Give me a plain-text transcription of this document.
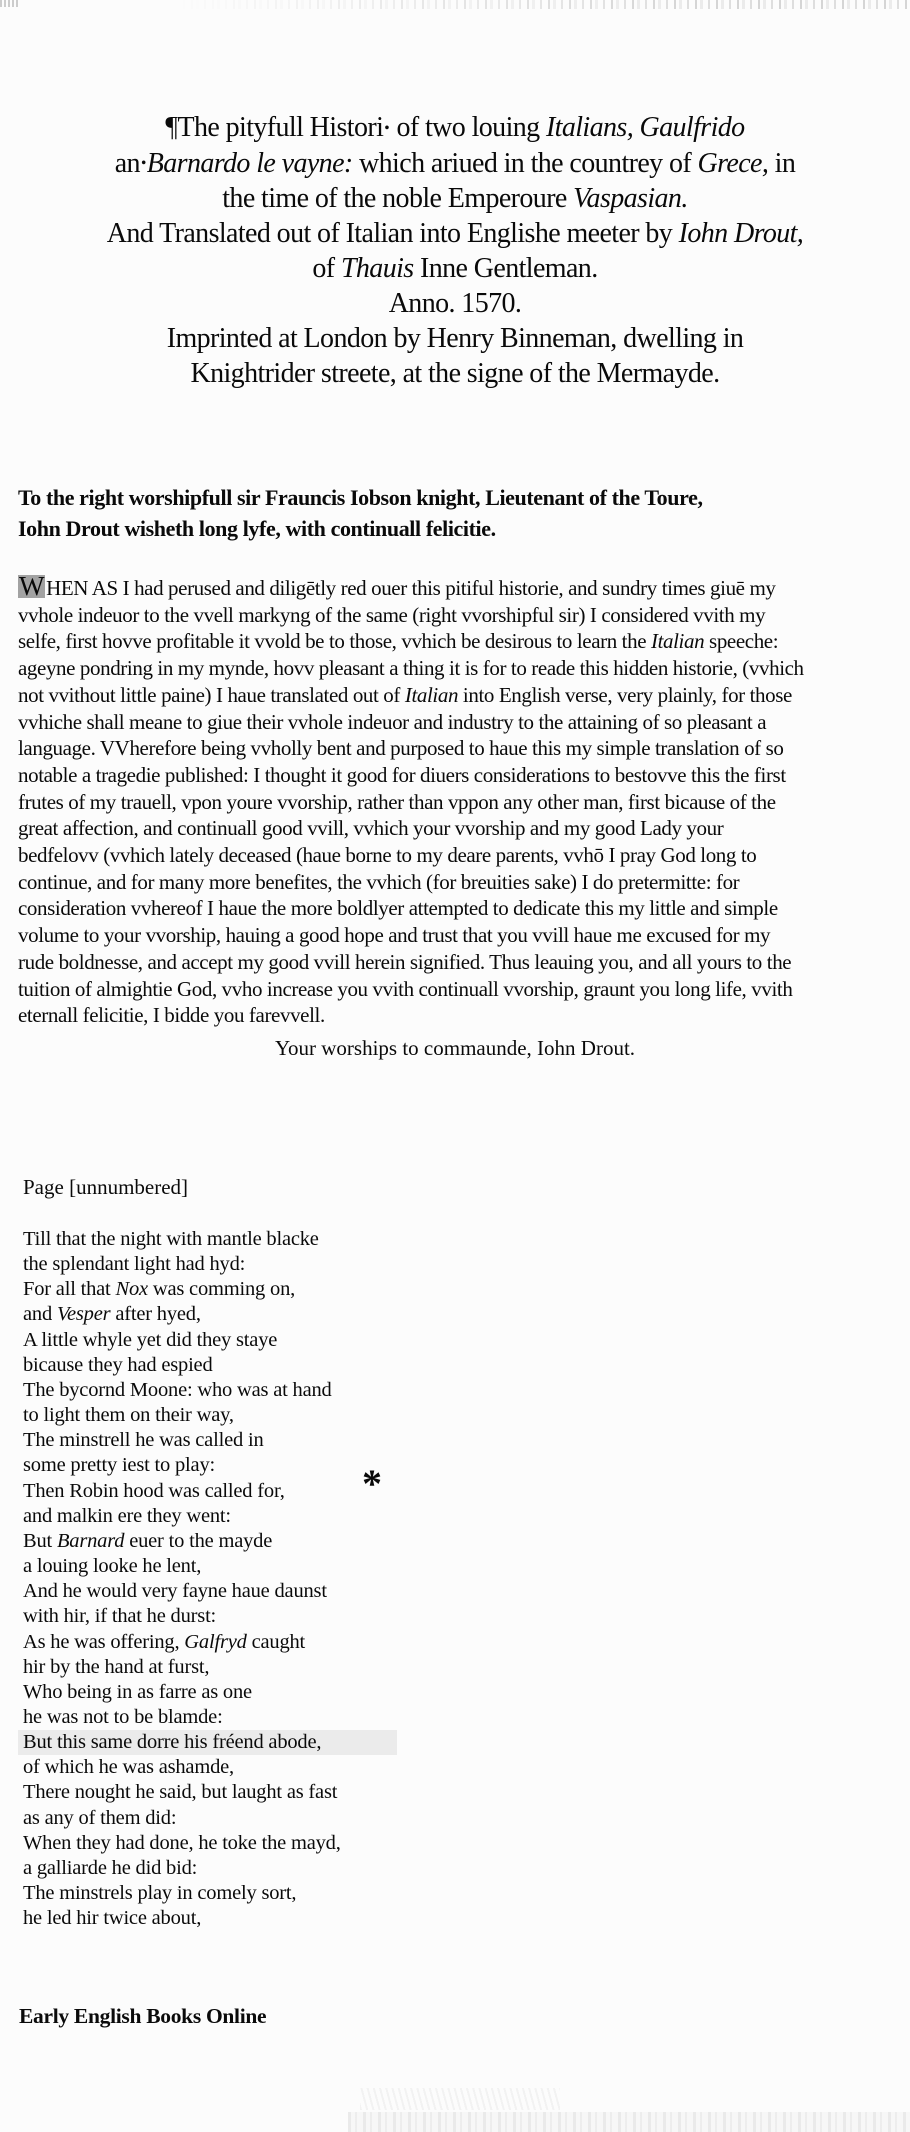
¶The pityfull Histori• of two louing Italians, Gaulfrido
an•Barnardo le vayne: which ariued in the countrey of Grece, in
the time of the noble Emperoure Vaspasian.
And Translated out of Italian into Englishe meeter by Iohn Drout,
of Thauis Inne Gentleman.
Anno. 1570.
Imprinted at London by Henry Binneman, dwelling in
Knightrider streete, at the signe of the Mermayde.
To the right worshipfull sir Frauncis Iobson knight, Lieutenant of the Toure,
Iohn Drout wisheth long lyfe, with continuall felicitie.
WHEN AS I had perused and diligētly red ouer this pitiful historie, and sundry times giuē my
vvhole indeuor to the vvell markyng of the same (right vvorshipful sir) I considered vvith my
selfe, first hovve profitable it vvold be to those, vvhich be desirous to learn the Italian speeche:
ageyne pondring in my mynde, hovv pleasant a thing it is for to reade this hidden historie, (vvhich
not vvithout little paine) I haue translated out of Italian into English verse, very plainly, for those
vvhiche shall meane to giue their vvhole indeuor and industry to the attaining of so pleasant a
language. VVherefore being vvholly bent and purposed to haue this my simple translation of so
notable a tragedie published: I thought it good for diuers considerations to bestovve this the first
frutes of my trauell, vpon youre vvorship, rather than vppon any other man, first bicause of the
great affection, and continuall good vvill, vvhich your vvorship and my good Lady your
bedfelovv (vvhich lately deceased (haue borne to my deare parents, vvhō I pray God long to
continue, and for many more benefites, the vvhich (for breuities sake) I do pretermitte: for
consideration vvhereof I haue the more boldlyer attempted to dedicate this my little and simple
volume to your vvorship, hauing a good hope and trust that you vvill haue me excused for my
rude boldnesse, and accept my good vvill herein signified. Thus leauing you, and all yours to the
tuition of almightie God, vvho increase you vvith continuall vvorship, graunt you long life, vvith
eternall felicitie, I bidde you farevvell.
Your worships to commaunde, Iohn Drout.
Page [unnumbered]
Till that the night with mantle blacke
the splendant light had hyd:
For all that Nox was comming on,
and Vesper after hyed,
A little whyle yet did they staye
bicause they had espied
The bycornd Moone: who was at hand
to light them on their way,
The minstrell he was called in
some pretty iest to play:
Then Robin hood was called for,
and malkin ere they went:
But Barnard euer to the mayde
a louing looke he lent,
And he would very fayne haue daunst
with hir, if that he durst:
As he was offering, Galfryd caught
hir by the hand at furst,
Who being in as farre as one
he was not to be blamde:
But this same dorre his fréend abode,
of which he was ashamde,
There nought he said, but laught as fast
as any of them did:
When they had done, he toke the mayd,
a galliarde he did bid:
The minstrels play in comely sort,
he led hir twice about,
*
Early English Books Online
